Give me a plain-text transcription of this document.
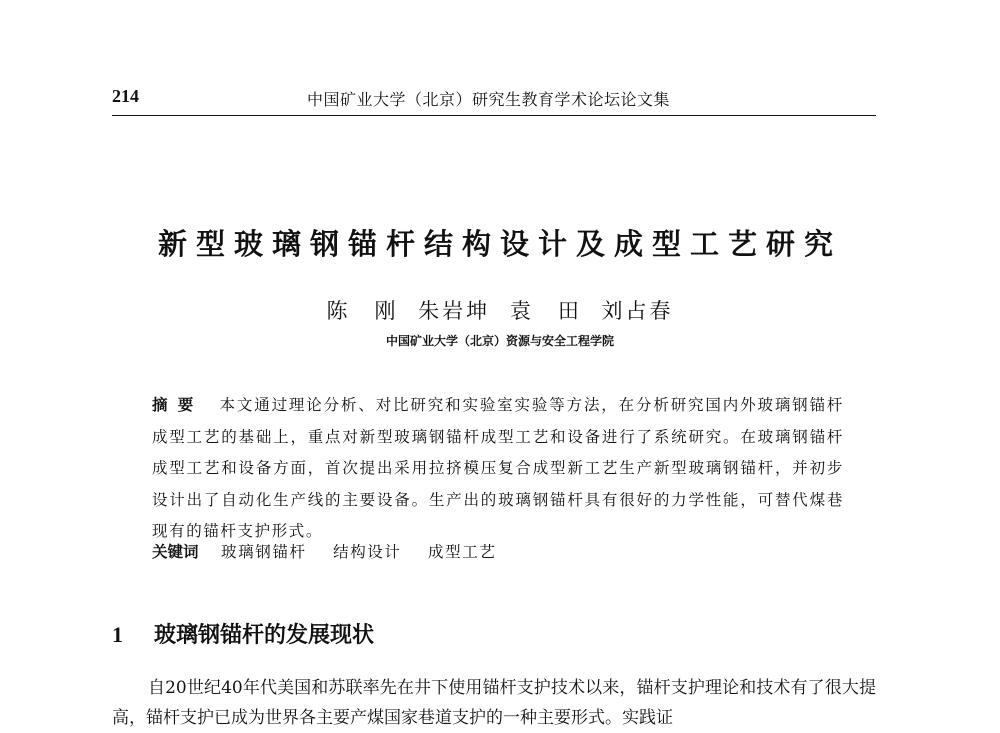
214	中国矿业大学（北京）研究生教育学术论坛论文集
新型玻璃钢锚杆结构设计及成型工艺研究
陈　刚 朱岩坤 袁　田 刘占春
中国矿业大学（北京）资源与安全工程学院
摘要 本文通过理论分析、对比研究和实验室实验等方法，在分析研究国内外玻璃钢锚杆成型工艺的基础上，重点对新型玻璃钢锚杆成型工艺和设备进行了系统研究。在玻璃钢锚杆成型工艺和设备方面，首次提出采用拉挤模压复合成型新工艺生产新型玻璃钢锚杆，并初步设计出了自动化生产线的主要设备。生产出的玻璃钢锚杆具有很好的力学性能，可替代煤巷现有的锚杆支护形式。
关键词 玻璃钢锚杆 结构设计 成型工艺
1 玻璃钢锚杆的发展现状
自20世纪40年代美国和苏联率先在井下使用锚杆支护技术以来，锚杆支护理论和技术有了很大提高，锚杆支护已成为世界各主要产煤国家巷道支护的一种主要形式。实践证
